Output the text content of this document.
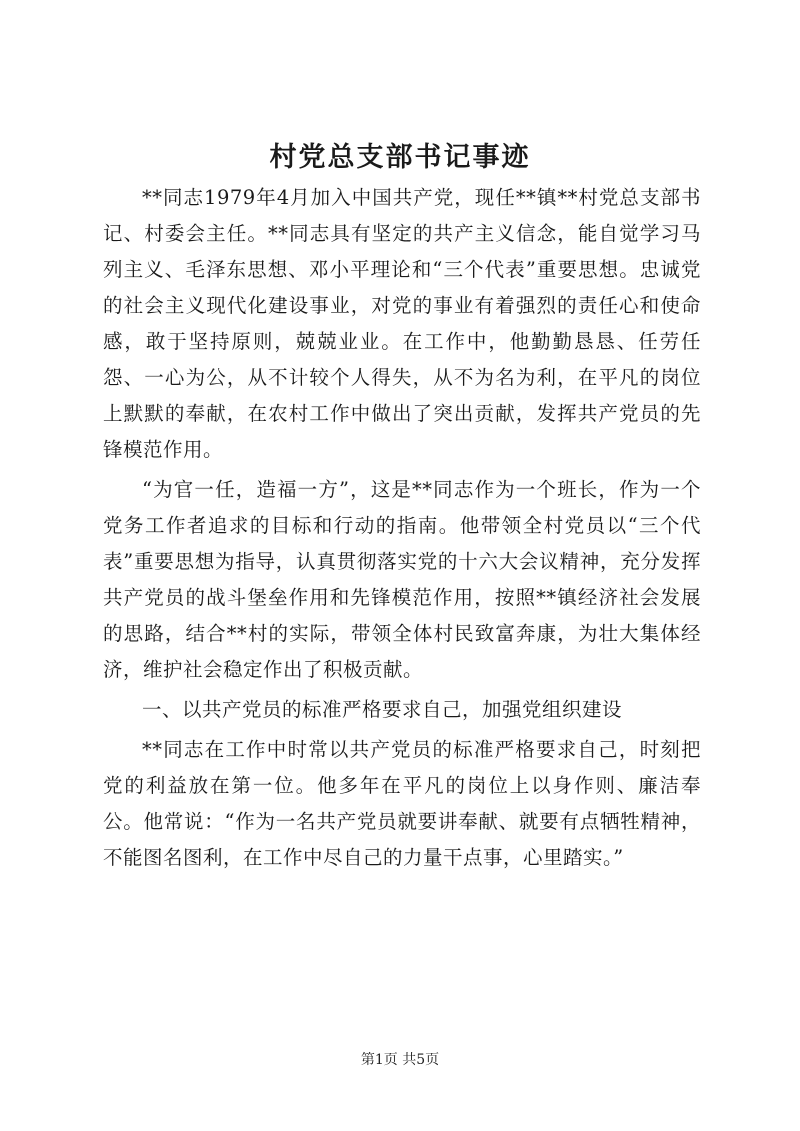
村党总支部书记事迹

**同志1979年4月加入中国共产党，现任**镇**村党总支部书记、村委会主任。**同志具有坚定的共产主义信念，能自觉学习马列主义、毛泽东思想、邓小平理论和“三个代表”重要思想。忠诚党的社会主义现代化建设事业，对党的事业有着强烈的责任心和使命感，敢于坚持原则，兢兢业业。在工作中，他勤勤恳恳、任劳任怨、一心为公，从不计较个人得失，从不为名为利，在平凡的岗位上默默的奉献，在农村工作中做出了突出贡献，发挥共产党员的先锋模范作用。

“为官一任，造福一方”，这是**同志作为一个班长，作为一个党务工作者追求的目标和行动的指南。他带领全村党员以“三个代表”重要思想为指导，认真贯彻落实党的十六大会议精神，充分发挥共产党员的战斗堡垒作用和先锋模范作用，按照**镇经济社会发展的思路，结合**村的实际，带领全体村民致富奔康，为壮大集体经济，维护社会稳定作出了积极贡献。

一、以共产党员的标准严格要求自己，加强党组织建设

**同志在工作中时常以共产党员的标准严格要求自己，时刻把党的利益放在第一位。他多年在平凡的岗位上以身作则、廉洁奉公。他常说：“作为一名共产党员就要讲奉献、就要有点牺牲精神，不能图名图利，在工作中尽自己的力量干点事，心里踏实。”

第1页 共5页
